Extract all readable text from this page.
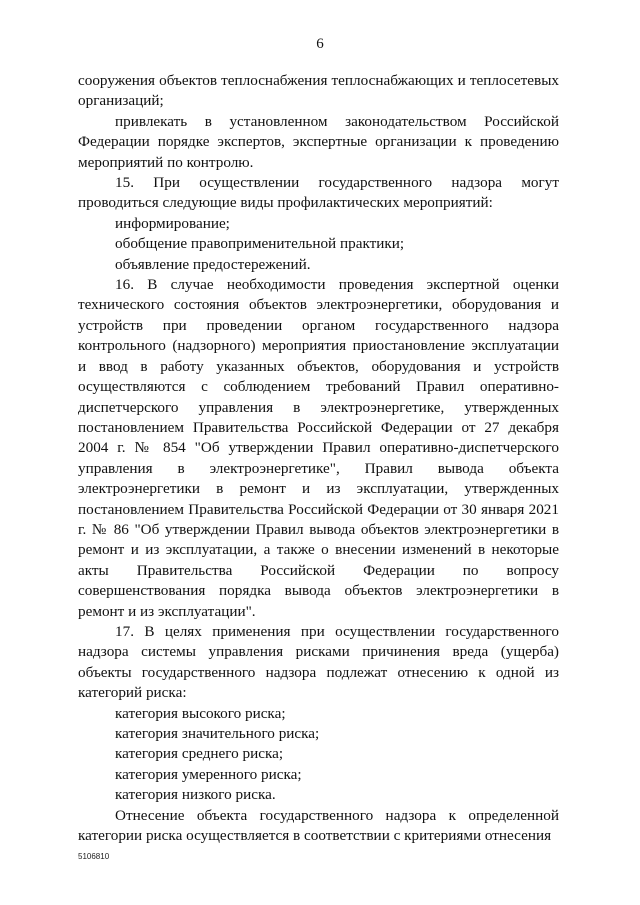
6

сооружения объектов теплоснабжения теплоснабжающих и теплосетевых организаций;

привлекать в установленном законодательством Российской Федерации порядке экспертов, экспертные организации к проведению мероприятий по контролю.

15. При осуществлении государственного надзора могут проводиться следующие виды профилактических мероприятий:

информирование;

обобщение правоприменительной практики;

объявление предостережений.

16. В случае необходимости проведения экспертной оценки технического состояния объектов электроэнергетики, оборудования и устройств при проведении органом государственного надзора контрольного (надзорного) мероприятия приостановление эксплуатации и ввод в работу указанных объектов, оборудования и устройств осуществляются с соблюдением требований Правил оперативно-диспетчерского управления в электроэнергетике, утвержденных постановлением Правительства Российской Федерации от 27 декабря 2004 г. № 854 "Об утверждении Правил оперативно-диспетчерского управления в электроэнергетике", Правил вывода объекта электроэнергетики в ремонт и из эксплуатации, утвержденных постановлением Правительства Российской Федерации от 30 января 2021 г. № 86 "Об утверждении Правил вывода объектов электроэнергетики в ремонт и из эксплуатации, а также о внесении изменений в некоторые акты Правительства Российской Федерации по вопросу совершенствования порядка вывода объектов электроэнергетики в ремонт и из эксплуатации".

17. В целях применения при осуществлении государственного надзора системы управления рисками причинения вреда (ущерба) объекты государственного надзора подлежат отнесению к одной из категорий риска:

категория высокого риска;

категория значительного риска;

категория среднего риска;

категория умеренного риска;

категория низкого риска.

Отнесение объекта государственного надзора к определенной категории риска осуществляется в соответствии с критериями отнесения

5106810
